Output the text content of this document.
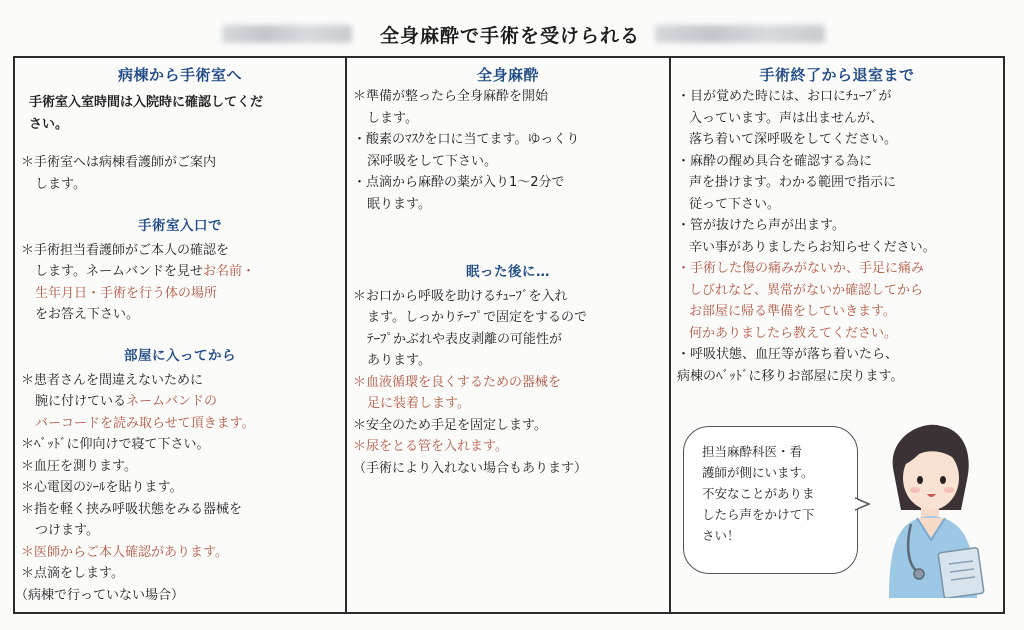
全身麻酔で手術を受けられる
病棟から手術室へ
手術室入室時間は入院時に確認してくだ
さい。
＊手術室へは病棟看護師がご案内
します。
手術室入口で
＊手術担当看護師がご本人の確認を
します。ネームバンドを見せお名前・
生年月日・手術を行う体の場所
をお答え下さい。
部屋に入ってから
＊患者さんを間違えないために
腕に付けているネームバンドの
バーコードを読み取らせて頂きます。
＊ﾍﾞｯﾄﾞに仰向けで寝て下さい。
＊血圧を測ります。
＊心電図のｼｰﾙを貼ります。
＊指を軽く挟み呼吸状態をみる器械を
つけます。
＊医師からご本人確認があります。
＊点滴をします。
（病棟で行っていない場合）
全身麻酔
＊準備が整ったら全身麻酔を開始
します。
・酸素のﾏｽｸを口に当てます。ゆっくり
深呼吸をして下さい。
・点滴から麻酔の薬が入り1～2分で
眠ります。
眠った後に…
＊お口から呼吸を助けるﾁｭｰﾌﾞを入れ
ます。しっかりﾃｰﾌﾟで固定をするので
ﾃｰﾌﾟかぶれや表皮剥離の可能性が
あります。
＊血液循環を良くするための器械を
足に装着します。
＊安全のため手足を固定します。
＊尿をとる管を入れます。
（手術により入れない場合もあります）
手術終了から退室まで
・目が覚めた時には、お口にﾁｭｰﾌﾞが
入っています。声は出ませんが、
落ち着いて深呼吸をしてください。
・麻酔の醒め具合を確認する為に
声を掛けます。わかる範囲で指示に
従って下さい。
・管が抜けたら声が出ます。
辛い事がありましたらお知らせください。
・手術した傷の痛みがないか、手足に痛み
しびれなど、異常がないか確認してから
お部屋に帰る準備をしていきます。
何かありましたら教えてください。
・呼吸状態、血圧等が落ち着いたら、
病棟のﾍﾞｯﾄﾞに移りお部屋に戻ります。
担当麻酔科医・看
護師が側にいます。
不安なことがありま
したら声をかけて下
さい！
